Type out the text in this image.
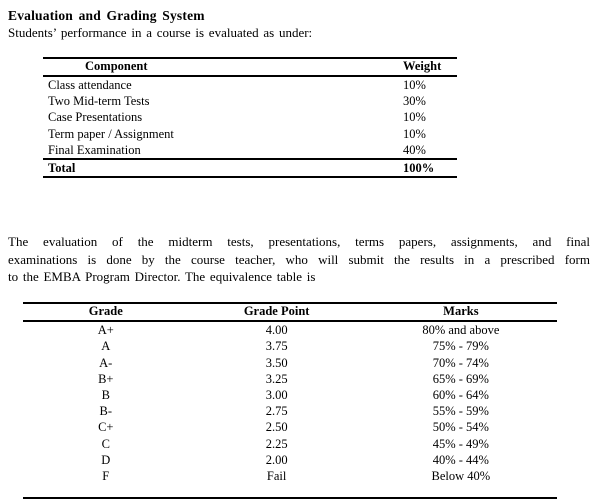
Evaluation and Grading System
Students’ performance in a course is evaluated as under:
Component	Weight
Class attendance	10%
Two Mid-term Tests	30%
Case Presentations	10%
Term paper / Assignment	10%
Final Examination	40%
Total	100%
The evaluation of the midterm tests, presentations, terms papers, assignments, and final
examinations is done by the course teacher, who will submit the results in a prescribed form
to the EMBA Program Director. The equivalence table is
Grade	Grade Point	Marks
A+	4.00	80% and above
A	3.75	75% - 79%
A-	3.50	70% - 74%
B+	3.25	65% - 69%
B	3.00	60% - 64%
B-	2.75	55% - 59%
C+	2.50	50% - 54%
C	2.25	45% - 49%
D	2.00	40% - 44%
F	Fail	Below 40%
